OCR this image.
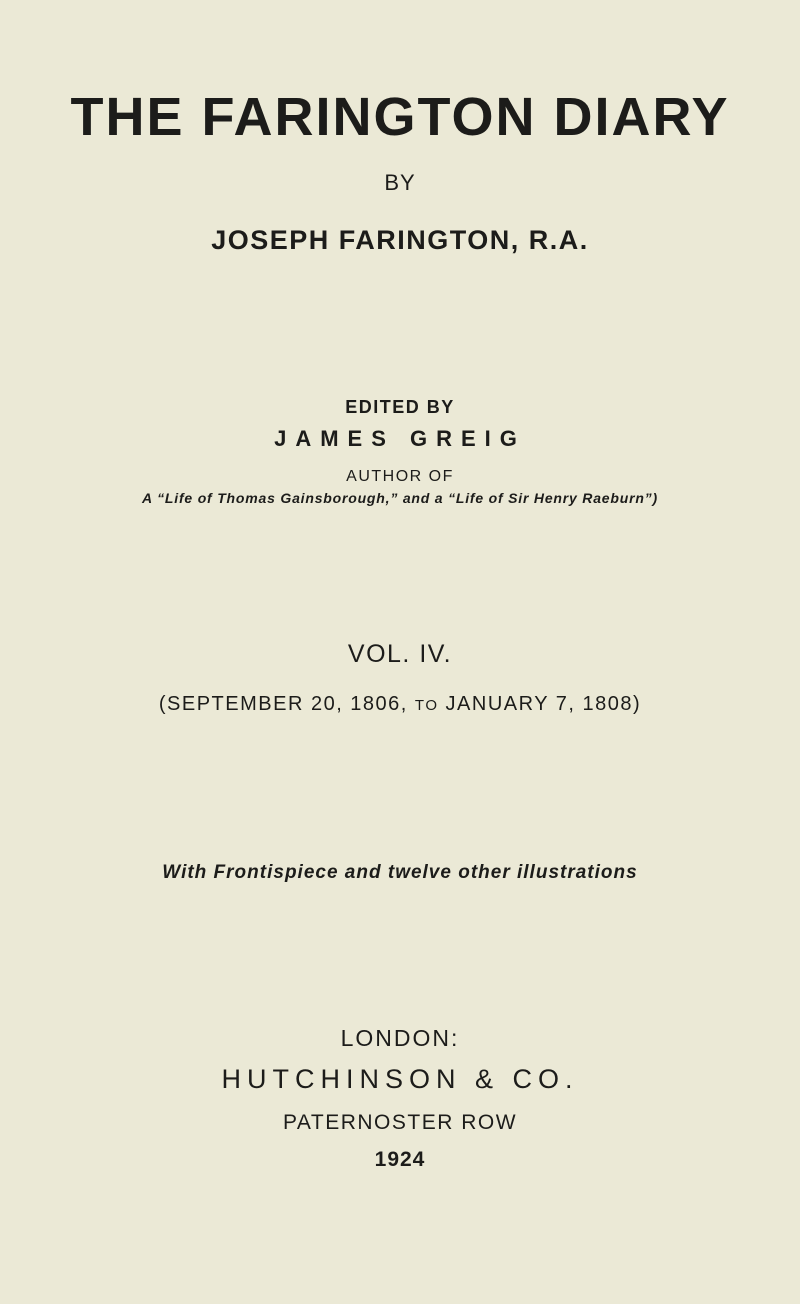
THE FARINGTON DIARY
BY
JOSEPH FARINGTON, R.A.
EDITED BY
JAMES GREIG
AUTHOR OF
A “Life of Thomas Gainsborough,” and a “Life of Sir Henry Raeburn”)
VOL. IV.
(SEPTEMBER 20, 1806, TO JANUARY 7, 1808)
With Frontispiece and twelve other illustrations
LONDON:
HUTCHINSON & CO.
PATERNOSTER ROW
1924
